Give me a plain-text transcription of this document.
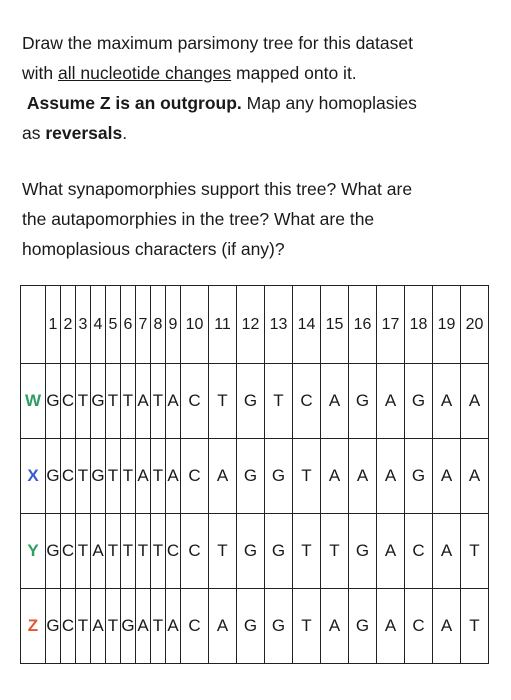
Draw the maximum parsimony tree for this dataset
with all nucleotide changes mapped onto it.
Assume Z is an outgroup. Map any homoplasies
as reversals.
What synapomorphies support this tree? What are
the autapomorphies in the tree? What are the
homoplasious characters (if any)?
	1	2	3	4	5	6	7	8	9	10	11	12	13	14	15	16	17	18	19	20
W	G	C	T	G	T	T	A	T	A	C	T	G	T	C	A	G	A	G	A	A
X	G	C	T	G	T	T	A	T	A	C	A	G	G	T	A	A	A	G	A	A
Y	G	C	T	A	T	T	T	T	C	C	T	G	G	T	T	G	A	C	A	T
Z	G	C	T	A	T	G	A	T	A	C	A	G	G	T	A	G	A	C	A	T
